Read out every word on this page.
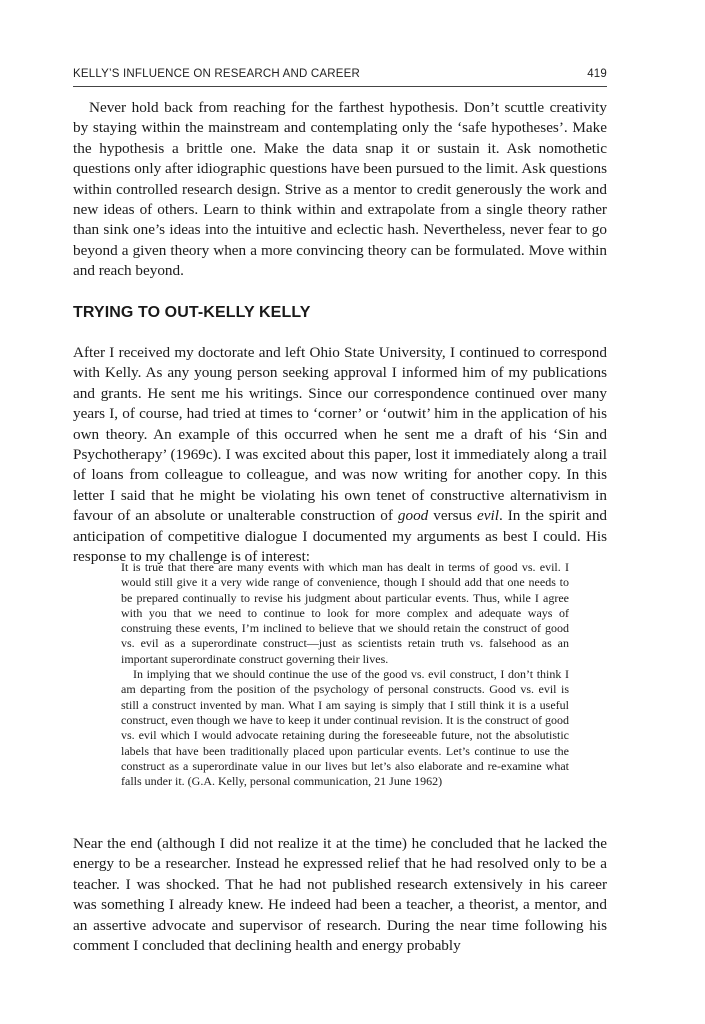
KELLY’S INFLUENCE ON RESEARCH AND CAREER	419

Never hold back from reaching for the farthest hypothesis. Don’t scuttle creativity by staying within the mainstream and contemplating only the ‘safe hypotheses’. Make the hypothesis a brittle one. Make the data snap it or sustain it. Ask nomothetic questions only after idiographic questions have been pursued to the limit. Ask questions within controlled research design. Strive as a mentor to credit generously the work and new ideas of others. Learn to think within and extrapolate from a single theory rather than sink one’s ideas into the intuitive and eclectic hash. Nevertheless, never fear to go beyond a given theory when a more convincing theory can be formulated. Move within and reach beyond.

TRYING TO OUT-KELLY KELLY

After I received my doctorate and left Ohio State University, I continued to correspond with Kelly. As any young person seeking approval I informed him of my publications and grants. He sent me his writings. Since our correspondence continued over many years I, of course, had tried at times to ‘corner’ or ‘outwit’ him in the application of his own theory. An example of this occurred when he sent me a draft of his ‘Sin and Psychotherapy’ (1969c). I was excited about this paper, lost it immediately along a trail of loans from colleague to colleague, and was now writing for another copy. In this letter I said that he might be violating his own tenet of constructive alternativism in favour of an absolute or unalterable construction of good versus evil. In the spirit and anticipation of competitive dialogue I documented my arguments as best I could. His response to my challenge is of interest:

It is true that there are many events with which man has dealt in terms of good vs. evil. I would still give it a very wide range of convenience, though I should add that one needs to be prepared continually to revise his judgment about particular events. Thus, while I agree with you that we need to continue to look for more complex and adequate ways of construing these events, I’m inclined to believe that we should retain the construct of good vs. evil as a superordinate construct—just as scientists retain truth vs. falsehood as an important superordinate construct governing their lives.

In implying that we should continue the use of the good vs. evil construct, I don’t think I am departing from the position of the psychology of personal constructs. Good vs. evil is still a construct invented by man. What I am saying is simply that I still think it is a useful construct, even though we have to keep it under continual revision. It is the construct of good vs. evil which I would advocate retaining during the foreseeable future, not the absolutistic labels that have been traditionally placed upon particular events. Let’s continue to use the construct as a superordinate value in our lives but let’s also elaborate and re-examine what falls under it. (G.A. Kelly, personal communication, 21 June 1962)

Near the end (although I did not realize it at the time) he concluded that he lacked the energy to be a researcher. Instead he expressed relief that he had resolved only to be a teacher. I was shocked. That he had not published research extensively in his career was something I already knew. He indeed had been a teacher, a theorist, a mentor, and an assertive advocate and supervisor of research. During the near time following his comment I concluded that declining health and energy probably
